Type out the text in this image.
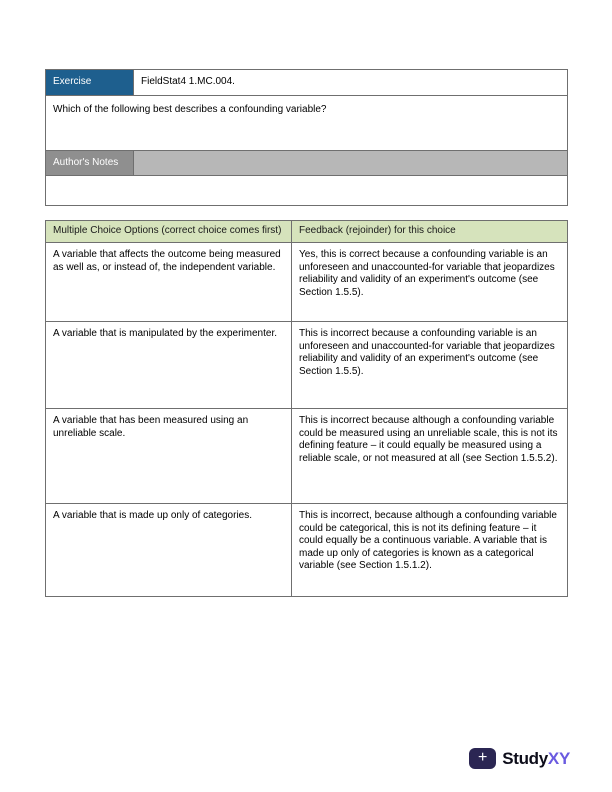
Exercise	FieldStat4 1.MC.004.
Which of the following best describes a confounding variable?	
Author's Notes	

Multiple Choice Options (correct choice comes first)	Feedback (rejoinder) for this choice
A variable that affects the outcome being measured as well as, or instead of, the independent variable.	Yes, this is correct because a confounding variable is an unforeseen and unaccounted-for variable that jeopardizes reliability and validity of an experiment's outcome (see Section 1.5.5).
A variable that is manipulated by the experimenter.	This is incorrect because a confounding variable is an unforeseen and unaccounted-for variable that jeopardizes reliability and validity of an experiment's outcome (see Section 1.5.5).
A variable that has been measured using an unreliable scale.	This is incorrect because although a confounding variable could be measured using an unreliable scale, this is not its defining feature – it could equally be measured using a reliable scale, or not measured at all (see Section 1.5.5.2).
A variable that is made up only of categories.	This is incorrect, because although a confounding variable could be categorical, this is not its defining feature – it could equally be a continuous variable. A variable that is made up only of categories is known as a categorical variable (see Section 1.5.1.2).
+ StudyXY
